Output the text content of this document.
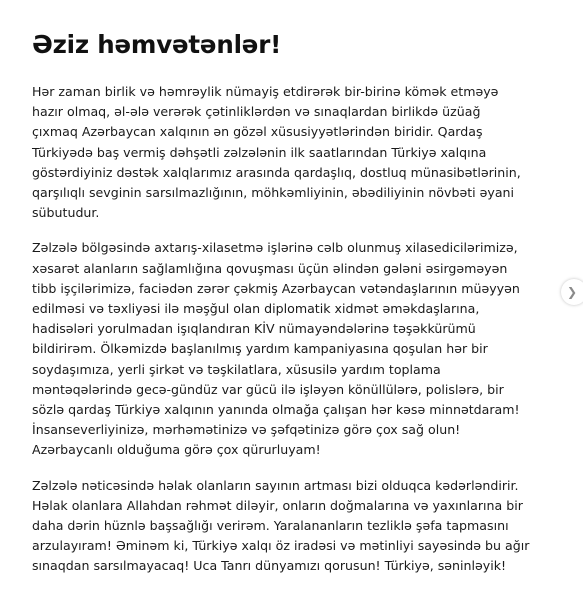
Əziz həmvətənlər!
Hər zaman birlik və həmrəylik nümayiş etdirərək bir-birinə kömək etməyə
hazır olmaq, əl-ələ verərək çətinliklərdən və sınaqlardan birlikdə üzüağ
çıxmaq Azərbaycan xalqının ən gözəl xüsusiyyətlərindən biridir. Qardaş
Türkiyədə baş vermiş dəhşətli zəlzələnin ilk saatlarından Türkiyə xalqına
göstərdiyiniz dəstək xalqlarımız arasında qardaşlıq, dostluq münasibətlərinin,
qarşılıqlı sevginin sarsılmazlığının, möhkəmliyinin, əbədiliyinin növbəti əyani
sübutudur.
Zəlzələ bölgəsində axtarış-xilasetmə işlərinə cəlb olunmuş xilasedicilərimizə,
xəsarət alanların sağlamlığına qovuşması üçün əlindən gələni əsirgəməyən
tibb işçilərimizə, faciədən zərər çəkmiş Azərbaycan vətəndaşlarının müəyyən
edilməsi və təxliyəsi ilə məşğul olan diplomatik xidmət əməkdaşlarına,
hadisələri yorulmadan işıqlandıran KİV nümayəndələrinə təşəkkürümü
bildirirəm. Ölkəmizdə başlanılmış yardım kampaniyasına qoşulan hər bir
soydaşımıza, yerli şirkət və təşkilatlara, xüsusilə yardım toplama
məntəqələrində gecə-gündüz var gücü ilə işləyən könüllülərə, polislərə, bir
sözlə qardaş Türkiyə xalqının yanında olmağa çalışan hər kəsə minnətdaram!
İnsanseverliyinizə, mərhəmətinizə və şəfqətinizə görə çox sağ olun!
Azərbaycanlı olduğuma görə çox qürurluyam!
Zəlzələ nəticəsində həlak olanların sayının artması bizi olduqca kədərləndirir.
Həlak olanlara Allahdan rəhmət diləyir, onların doğmalarına və yaxınlarına bir
daha dərin hüznlə başsağlığı verirəm. Yaralananların tezliklə şəfa tapmasını
arzulayıram! Əminəm ki, Türkiyə xalqı öz iradəsi və mətinliyi sayəsində bu ağır
sınaqdan sarsılmayacaq! Uca Tanrı dünyamızı qorusun! Türkiyə, səninləyik!
❯
